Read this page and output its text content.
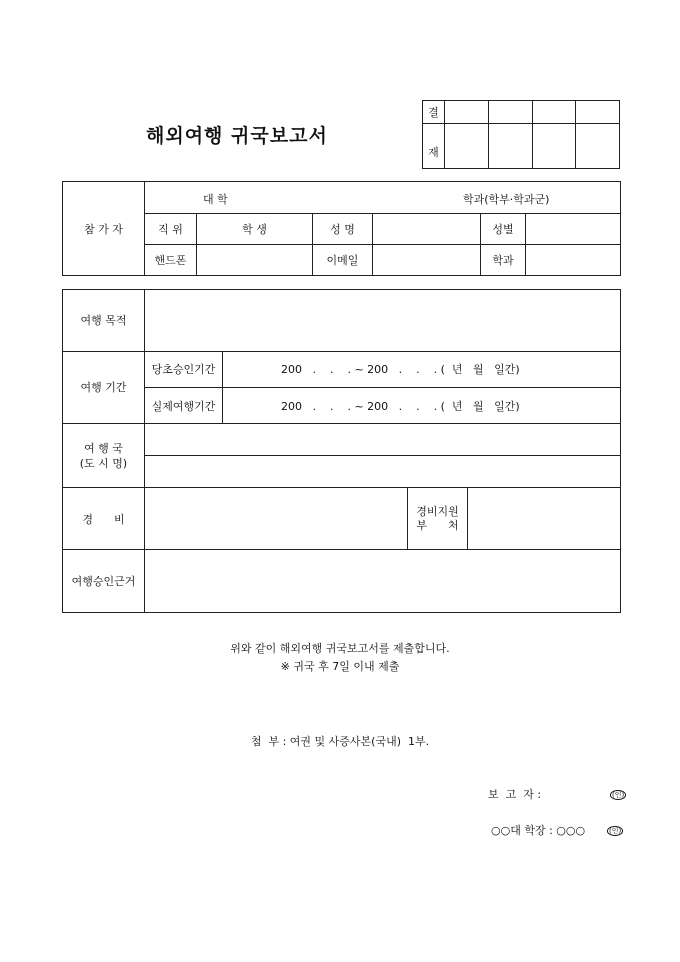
해외여행 귀국보고서
결				
재				
참 가 자	대 학 학과(학부·학과군)					

	직 위	학 생	성 명		성별	
	핸드폰		이메일		학과	
여행 목적				
여행 기간	당초승인기간	200   .    .    . ~ 200   .    .    . (  년   월   일간)		
	실제여행기간	200   .    .    . ~ 200   .    .    . (  년   월   일간)		

여 행 국
(도 시 명)				

경      비			경비지원
부      처	

여행승인근거				
위와 같이 해외여행 귀국보고서를 제출합니다.
※ 귀국 후 7일 이내 제출
첨  부 : 여권 및 사증사본(국내)  1부.
보  고  자 :	(인)
○○대 학장 : ○○○	(인)
